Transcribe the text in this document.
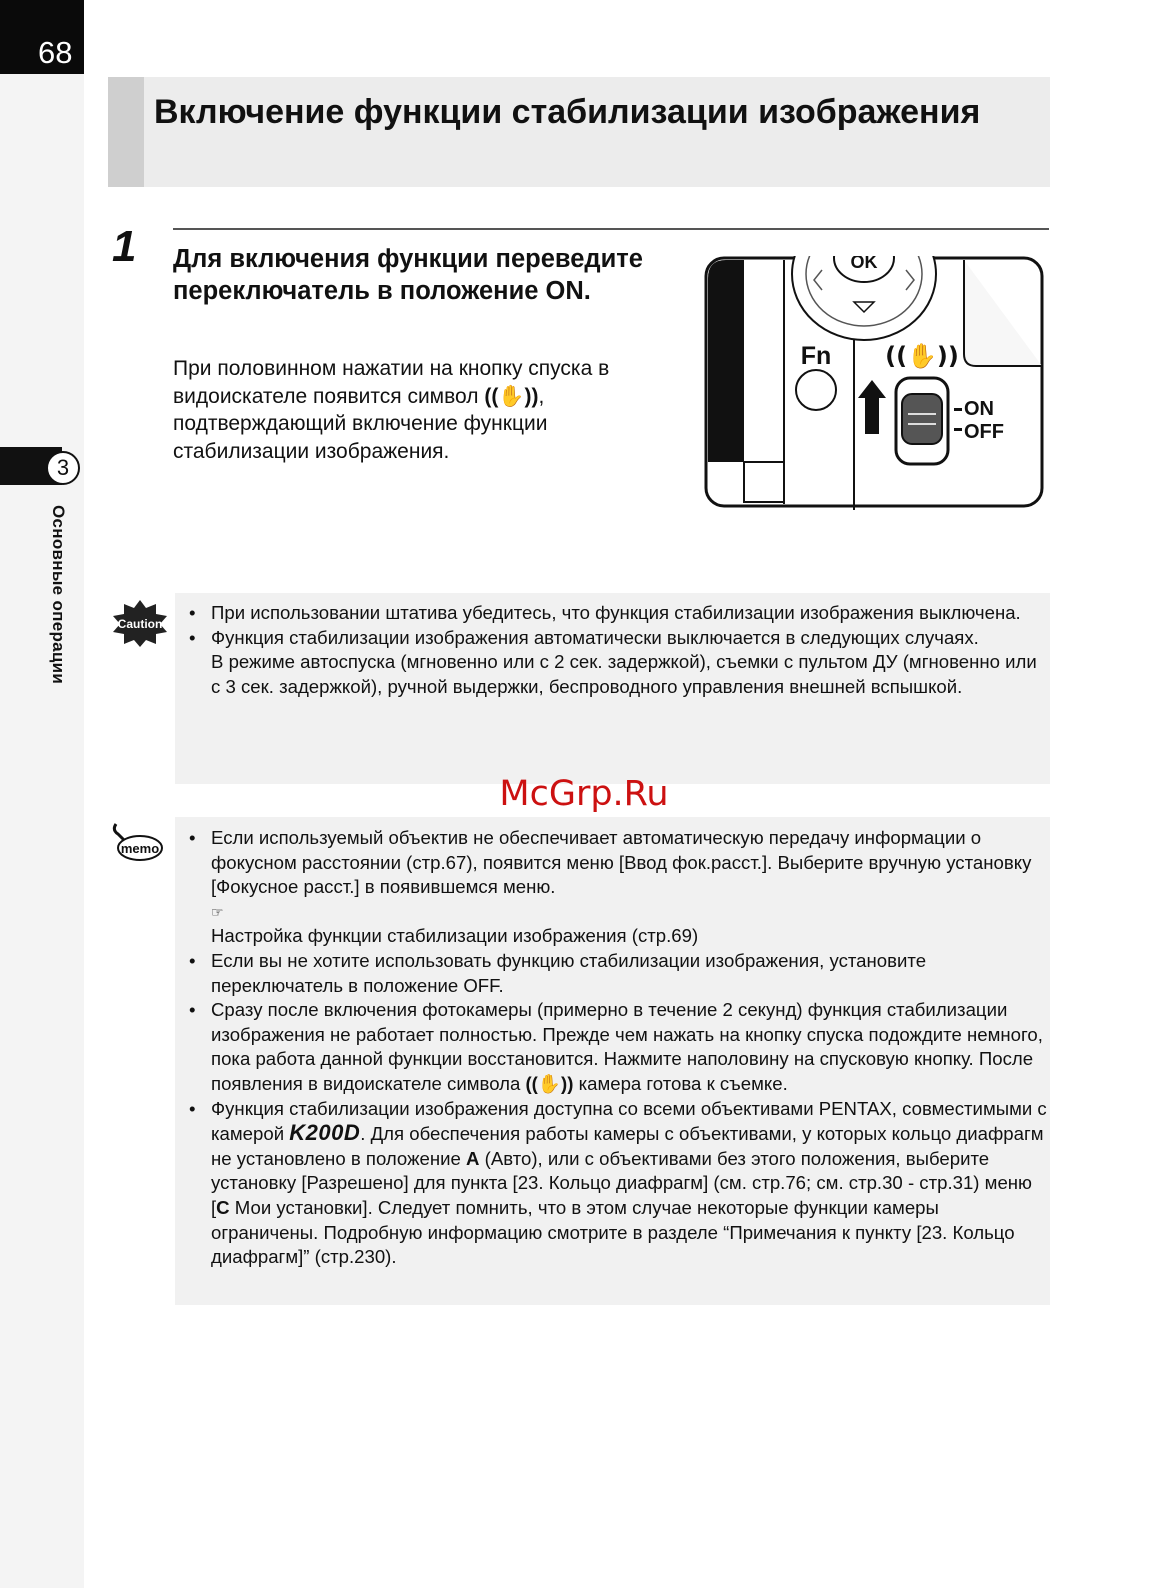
68
3
Основные операции
Включение функции стабилизации изображения
1 Для включения функции переведите переключатель в положение ON.

При половинном нажатии на кнопку спуска в видоискателе появится символ ((✋)), подтверждающий включение функции стабилизации изображения.

OK
Fn ((✋))
ON
OFF
Caution
• При использовании штатива убедитесь, что функция стабилизации изображения выключена.
• Функция стабилизации изображения автоматически выключается в следующих случаях.
В режиме автоспуска (мгновенно или с 2 сек. задержкой), съемки с пультом ДУ (мгновенно или с 3 сек. задержкой), ручной выдержки, беспроводного управления внешней вспышкой.
memo
• Если используемый объектив не обеспечивает автоматическую передачу информации о фокусном расстоянии (стр.67), появится меню [Ввод фок.расст.]. Выберите вручную установку [Фокусное расст.] в появившемся меню.
☞
Настройка функции стабилизации изображения (стр.69)
• Если вы не хотите использовать функцию стабилизации изображения, установите переключатель в положение OFF.
• Сразу после включения фотокамеры (примерно в течение 2 секунд) функция стабилизации изображения не работает полностью. Прежде чем нажать на кнопку спуска подождите немного, пока работа данной функции восстановится. Нажмите наполовину на спусковую кнопку. После появления в видоискателе символа ((✋)) камера готова к съемке.
• Функция стабилизации изображения доступна со всеми объективами PENTAX, совместимыми с камерой K200D. Для обеспечения работы камеры с объективами, у которых кольцо диафрагм не установлено в положение A (Авто), или с объективами без этого положения, выберите установку [Разрешено] для пункта [23. Кольцо диафрагм] (см. стр.76; см. стр.30 - стр.31) меню [C Мои установки]. Следует помнить, что в этом случае некоторые функции камеры ограничены. Подробную информацию смотрите в разделе “Примечания к пункту [23. Кольцо диафрагм]” (стр.230).
McGrp.Ru
